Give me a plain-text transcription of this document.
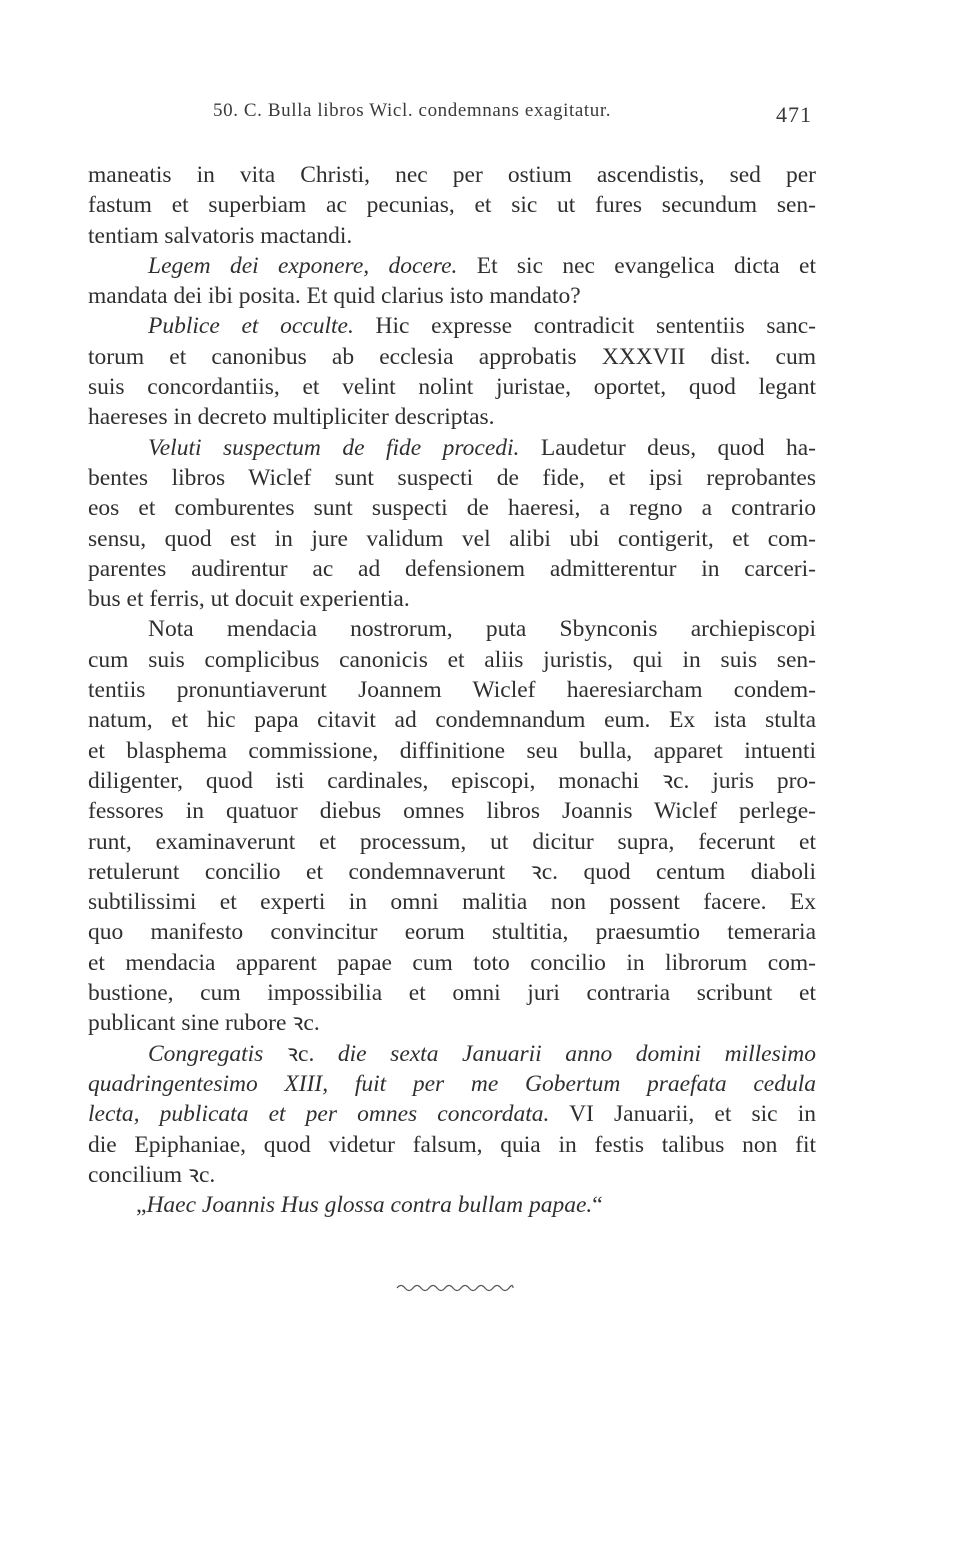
50. C. Bulla libros Wicl. condemnans exagitatur.	471
maneatis in vita Christi, nec per ostium ascendistis, sed per
fastum et superbiam ac pecunias, et sic ut fures secundum sen-
tentiam salvatoris mactandi.
Legem dei exponere, docere. Et sic nec evangelica dicta et
mandata dei ibi posita. Et quid clarius isto mandato?
Publice et occulte. Hic expresse contradicit sententiis sanc-
torum et canonibus ab ecclesia approbatis XXXVII dist. cum
suis concordantiis, et velint nolint juristae, oportet, quod legant
haereses in decreto multipliciter descriptas.
Veluti suspectum de fide procedi. Laudetur deus, quod ha-
bentes libros Wiclef sunt suspecti de fide, et ipsi reprobantes
eos et comburentes sunt suspecti de haeresi, a regno a contrario
sensu, quod est in jure validum vel alibi ubi contigerit, et com-
parentes audirentur ac ad defensionem admitterentur in carceri-
bus et ferris, ut docuit experientia.
Nota mendacia nostrorum, puta Sbynconis archiepiscopi
cum suis complicibus canonicis et aliis juristis, qui in suis sen-
tentiis pronuntiaverunt Joannem Wiclef haeresiarcham condem-
natum, et hic papa citavit ad condemnandum eum. Ex ista stulta
et blasphema commissione, diffinitione seu bulla, apparet intuenti
diligenter, quod isti cardinales, episcopi, monachi ꝛc. juris pro-
fessores in quatuor diebus omnes libros Joannis Wiclef perlege-
runt, examinaverunt et processum, ut dicitur supra, fecerunt et
retulerunt concilio et condemnaverunt ꝛc. quod centum diaboli
subtilissimi et experti in omni malitia non possent facere. Ex
quo manifesto convincitur eorum stultitia, praesumtio temeraria
et mendacia apparent papae cum toto concilio in librorum com-
bustione, cum impossibilia et omni juri contraria scribunt et
publicant sine rubore ꝛc.
Congregatis ꝛc. die sexta Januarii anno domini millesimo
quadringentesimo XIII, fuit per me Gobertum praefata cedula
lecta, publicata et per omnes concordata. VI Januarii, et sic in
die Epiphaniae, quod videtur falsum, quia in festis talibus non fit
concilium ꝛc.
„Haec Joannis Hus glossa contra bullam papae.“
